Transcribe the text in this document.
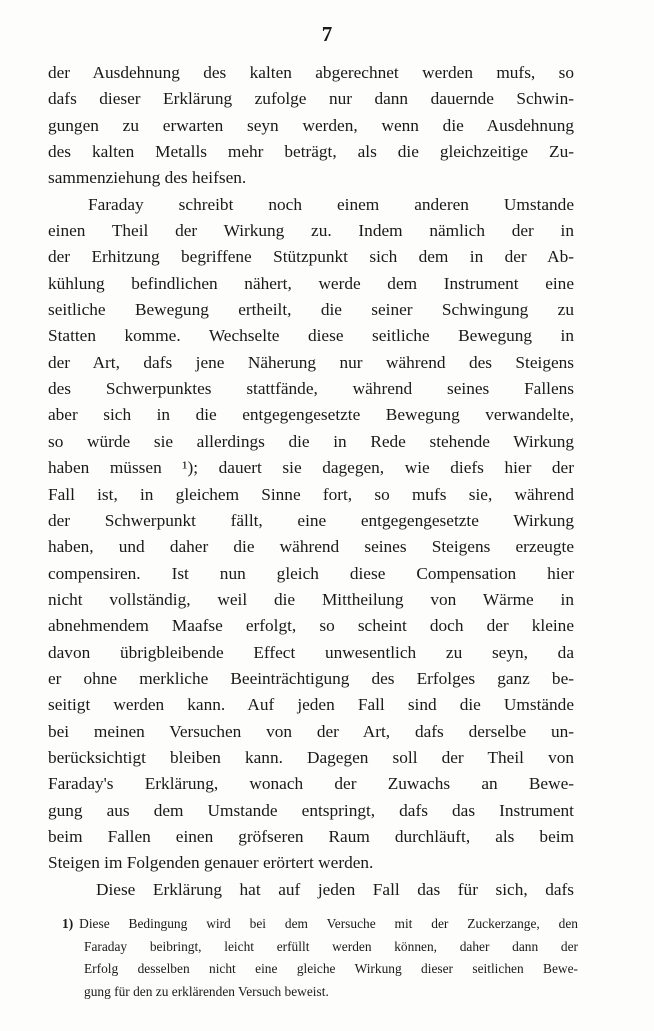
7
der Ausdehnung des kalten abgerechnet werden mufs, so
dafs dieser Erklärung zufolge nur dann dauernde Schwin-
gungen zu erwarten seyn werden, wenn die Ausdehnung
des kalten Metalls mehr beträgt, als die gleichzeitige Zu-
sammenziehung des heifsen.
Faraday schreibt noch einem anderen Umstande
einen Theil der Wirkung zu. Indem nämlich der in
der Erhitzung begriffene Stützpunkt sich dem in der Ab-
kühlung befindlichen nähert, werde dem Instrument eine
seitliche Bewegung ertheilt, die seiner Schwingung zu
Statten komme. Wechselte diese seitliche Bewegung in
der Art, dafs jene Näherung nur während des Steigens
des Schwerpunktes stattfände, während seines Fallens
aber sich in die entgegengesetzte Bewegung verwandelte,
so würde sie allerdings die in Rede stehende Wirkung
haben müssen ¹); dauert sie dagegen, wie diefs hier der
Fall ist, in gleichem Sinne fort, so mufs sie, während
der Schwerpunkt fällt, eine entgegengesetzte Wirkung
haben, und daher die während seines Steigens erzeugte
compensiren. Ist nun gleich diese Compensation hier
nicht vollständig, weil die Mittheilung von Wärme in
abnehmendem Maafse erfolgt, so scheint doch der kleine
davon übrigbleibende Effect unwesentlich zu seyn, da
er ohne merkliche Beeinträchtigung des Erfolges ganz be-
seitigt werden kann. Auf jeden Fall sind die Umstände
bei meinen Versuchen von der Art, dafs derselbe un-
berücksichtigt bleiben kann. Dagegen soll der Theil von
Faraday's Erklärung, wonach der Zuwachs an Bewe-
gung aus dem Umstande entspringt, dafs das Instrument
beim Fallen einen gröfseren Raum durchläuft, als beim
Steigen im Folgenden genauer erörtert werden.
Diese Erklärung hat auf jeden Fall das für sich, dafs
1) Diese Bedingung wird bei dem Versuche mit der Zuckerzange, den
Faraday beibringt, leicht erfüllt werden können, daher dann der
Erfolg desselben nicht eine gleiche Wirkung dieser seitlichen Bewe-
gung für den zu erklärenden Versuch beweist.
